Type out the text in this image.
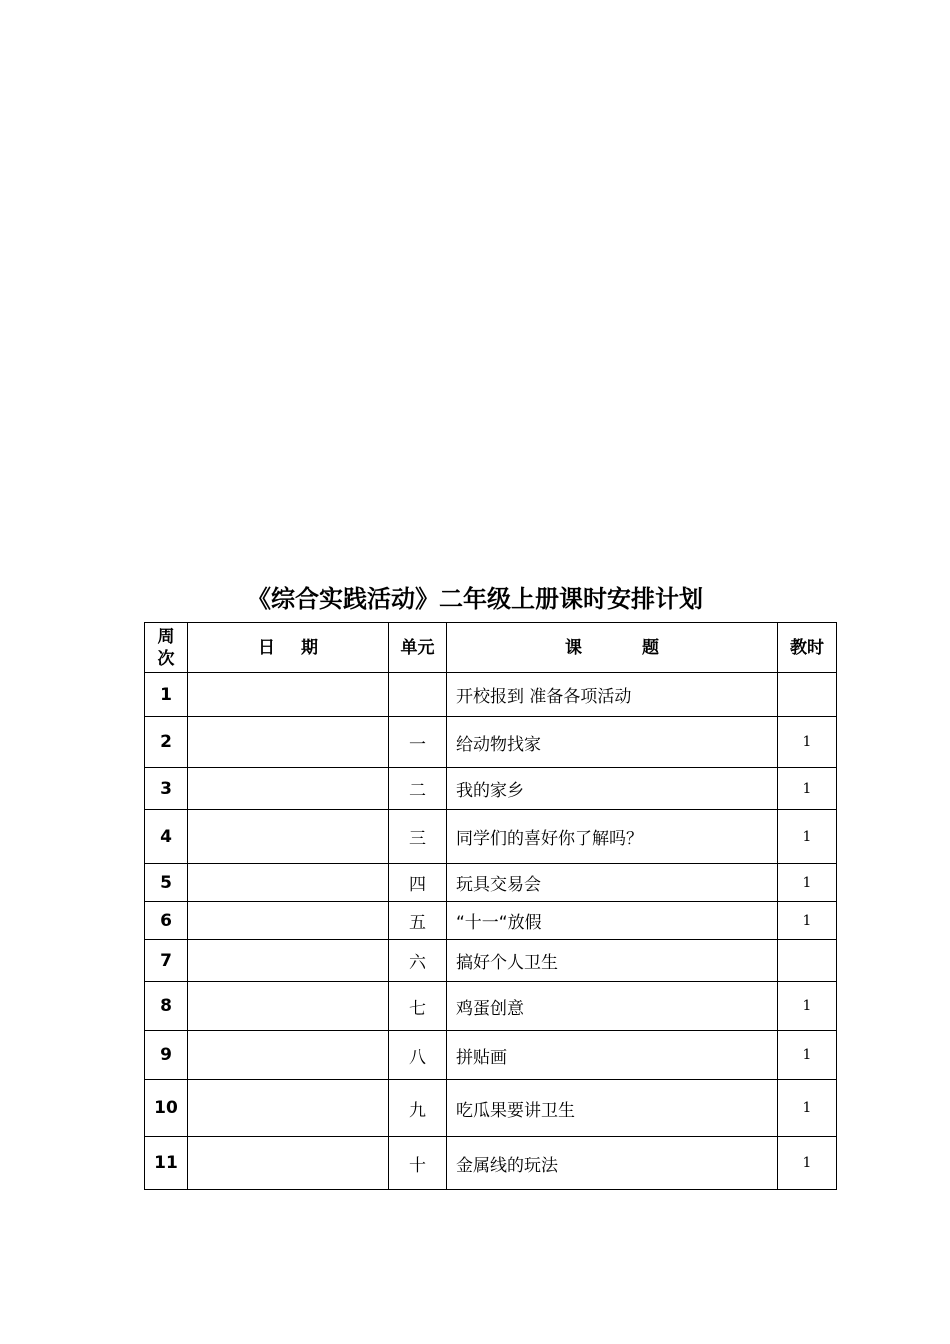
《综合实践活动》二年级上册课时安排计划
周
次	日 期	单元	课 题	教时
1			开校报到 准备各项活动	
2		一	给动物找家	1
3		二	我的家乡	1
4		三	同学们的喜好你了解吗？	1
5		四	玩具交易会	1
6		五	“十一“放假	1
7		六	搞好个人卫生	
8		七	鸡蛋创意	1
9		八	拼贴画	1
10		九	吃瓜果要讲卫生	1
11		十	金属线的玩法	1
